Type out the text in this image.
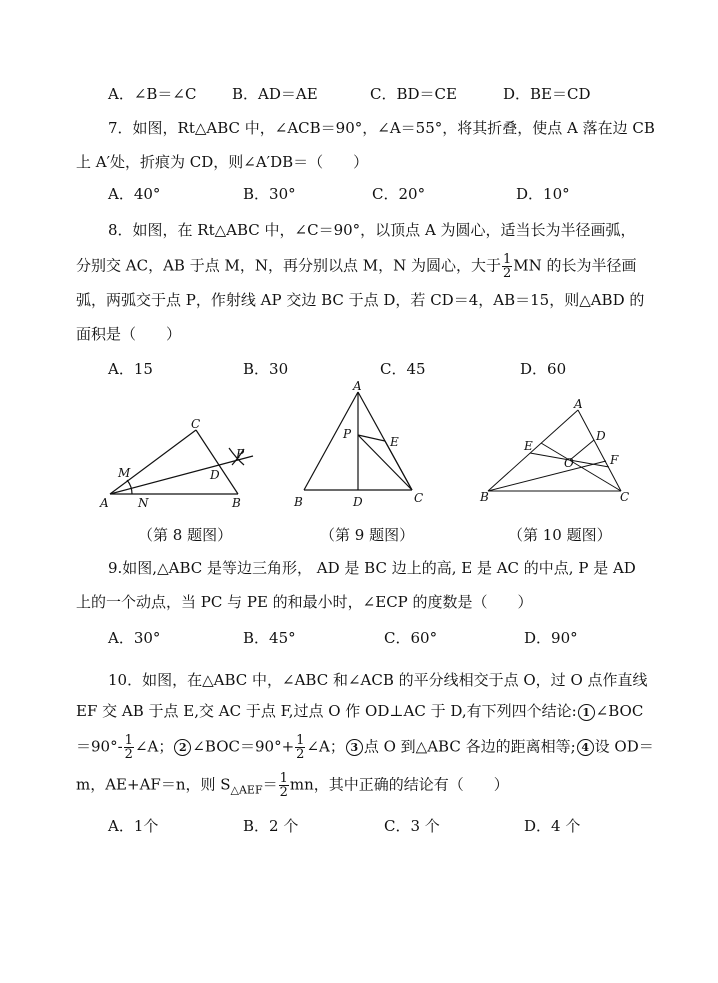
A．∠B＝∠C B．AD＝AE	C．BD＝CE	D．BE＝CD
7．如图，Rt△ABC 中，∠ACB＝90°，∠A＝55°，将其折叠，使点 A 落在边 CB
上 A′处，折痕为 CD，则∠A′DB＝（　　）
A．40°	B．30°	C．20°	D．10°
8．如图，在 Rt△ABC 中，∠C＝90°，以顶点 A 为圆心，适当长为半径画弧，
分别交 AC，AB 于点 M，N，再分别以点 M，N 为圆心，大于 $\frac{1}{2}$ MN 的长为半径画
弧，两弧交于点 P，作射线 AP 交边 BC 于点 D，若 CD＝4，AB＝15，则△ABD 的
面积是（　　）
A．15	B．30	C．45	D．60
A	B
C
D
M
N
P
A
B	C
D
E
P
A
B	C
D
E
F
O
（第 8 题图）	（第 9 题图）	（第 10 题图）
9.如图,△ABC 是等边三角形， AD 是 BC 边上的高, E 是 AC 的中点, P 是 AD
上的一个动点，当 PC 与 PE 的和最小时，∠ECP 的度数是（　　）
A．30°	B．45°	C．60°	D．90°
10．如图，在△ABC 中，∠ABC 和∠ACB 的平分线相交于点 O，过 O 点作直线
EF 交 AB 于点 E,交 AC 于点 F,过点 O 作 OD⊥AC 于 D,有下列四个结论: 1 ∠BOC
$=90^\circ- \frac{1}{2}$ ∠A； 2 ∠BOC＝90°+ $\frac{1}{2}$ ∠A； 3 点 O 到△ABC 各边的距离相等; 4 设 OD＝
m，AE+AF＝n，则 $S_{\triangle AEF}= \frac{1}{2}$ mn，其中正确的结论有（　　）
A．1个	B．2 个	C．3 个	D．4 个
